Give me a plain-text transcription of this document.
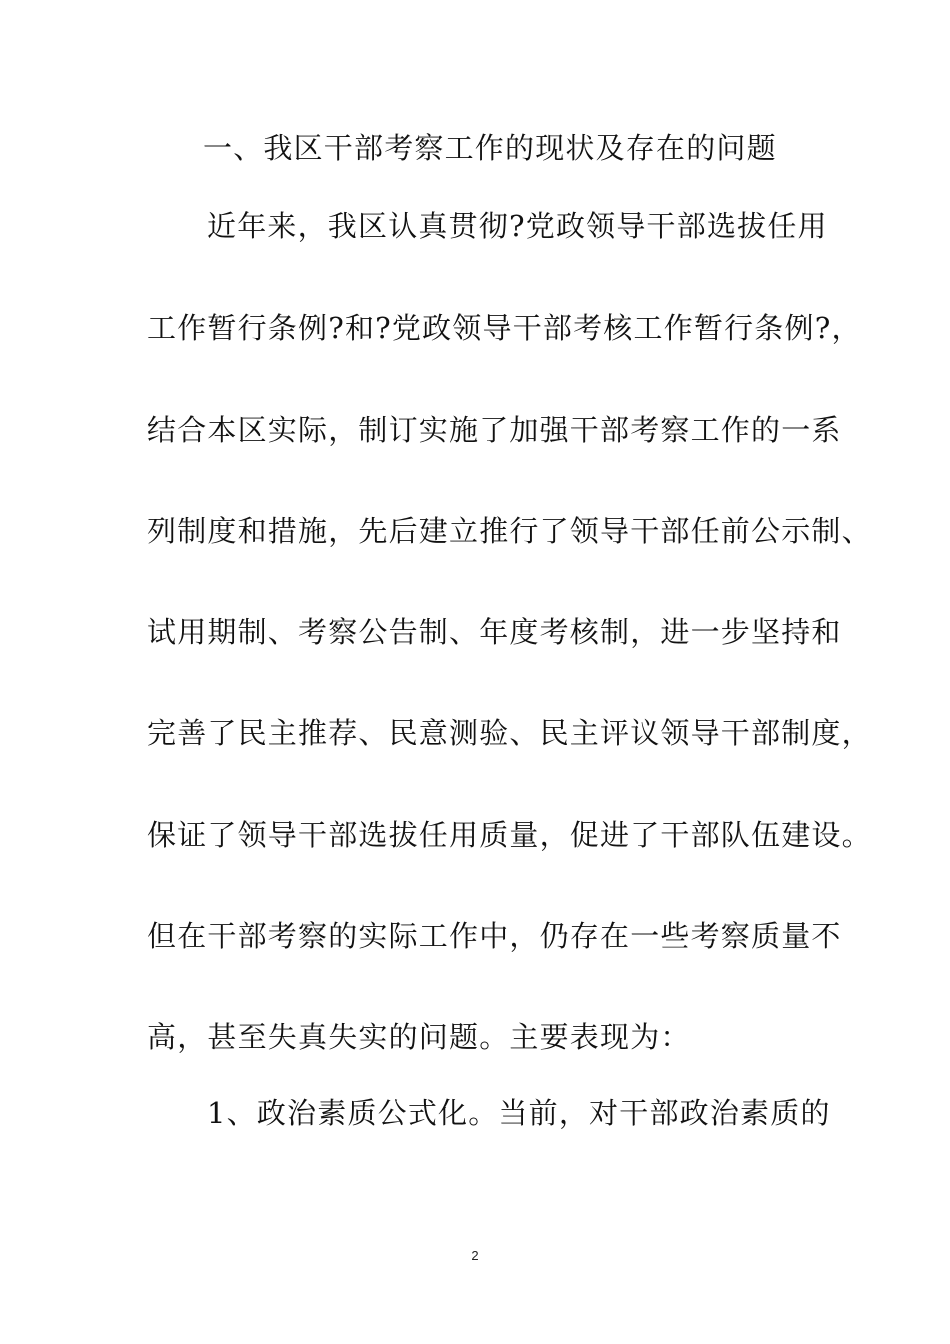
一、我区干部考察工作的现状及存在的问题
近年来，我区认真贯彻?党政领导干部选拔任用
工作暂行条例?和?党政领导干部考核工作暂行条例?，
结合本区实际，制订实施了加强干部考察工作的一系
列制度和措施，先后建立推行了领导干部任前公示制、
试用期制、考察公告制、年度考核制，进一步坚持和
完善了民主推荐、民意测验、民主评议领导干部制度，
保证了领导干部选拔任用质量，促进了干部队伍建设。
但在干部考察的实际工作中，仍存在一些考察质量不
高，甚至失真失实的问题。主要表现为：
1、政治素质公式化。当前，对干部政治素质的
2
